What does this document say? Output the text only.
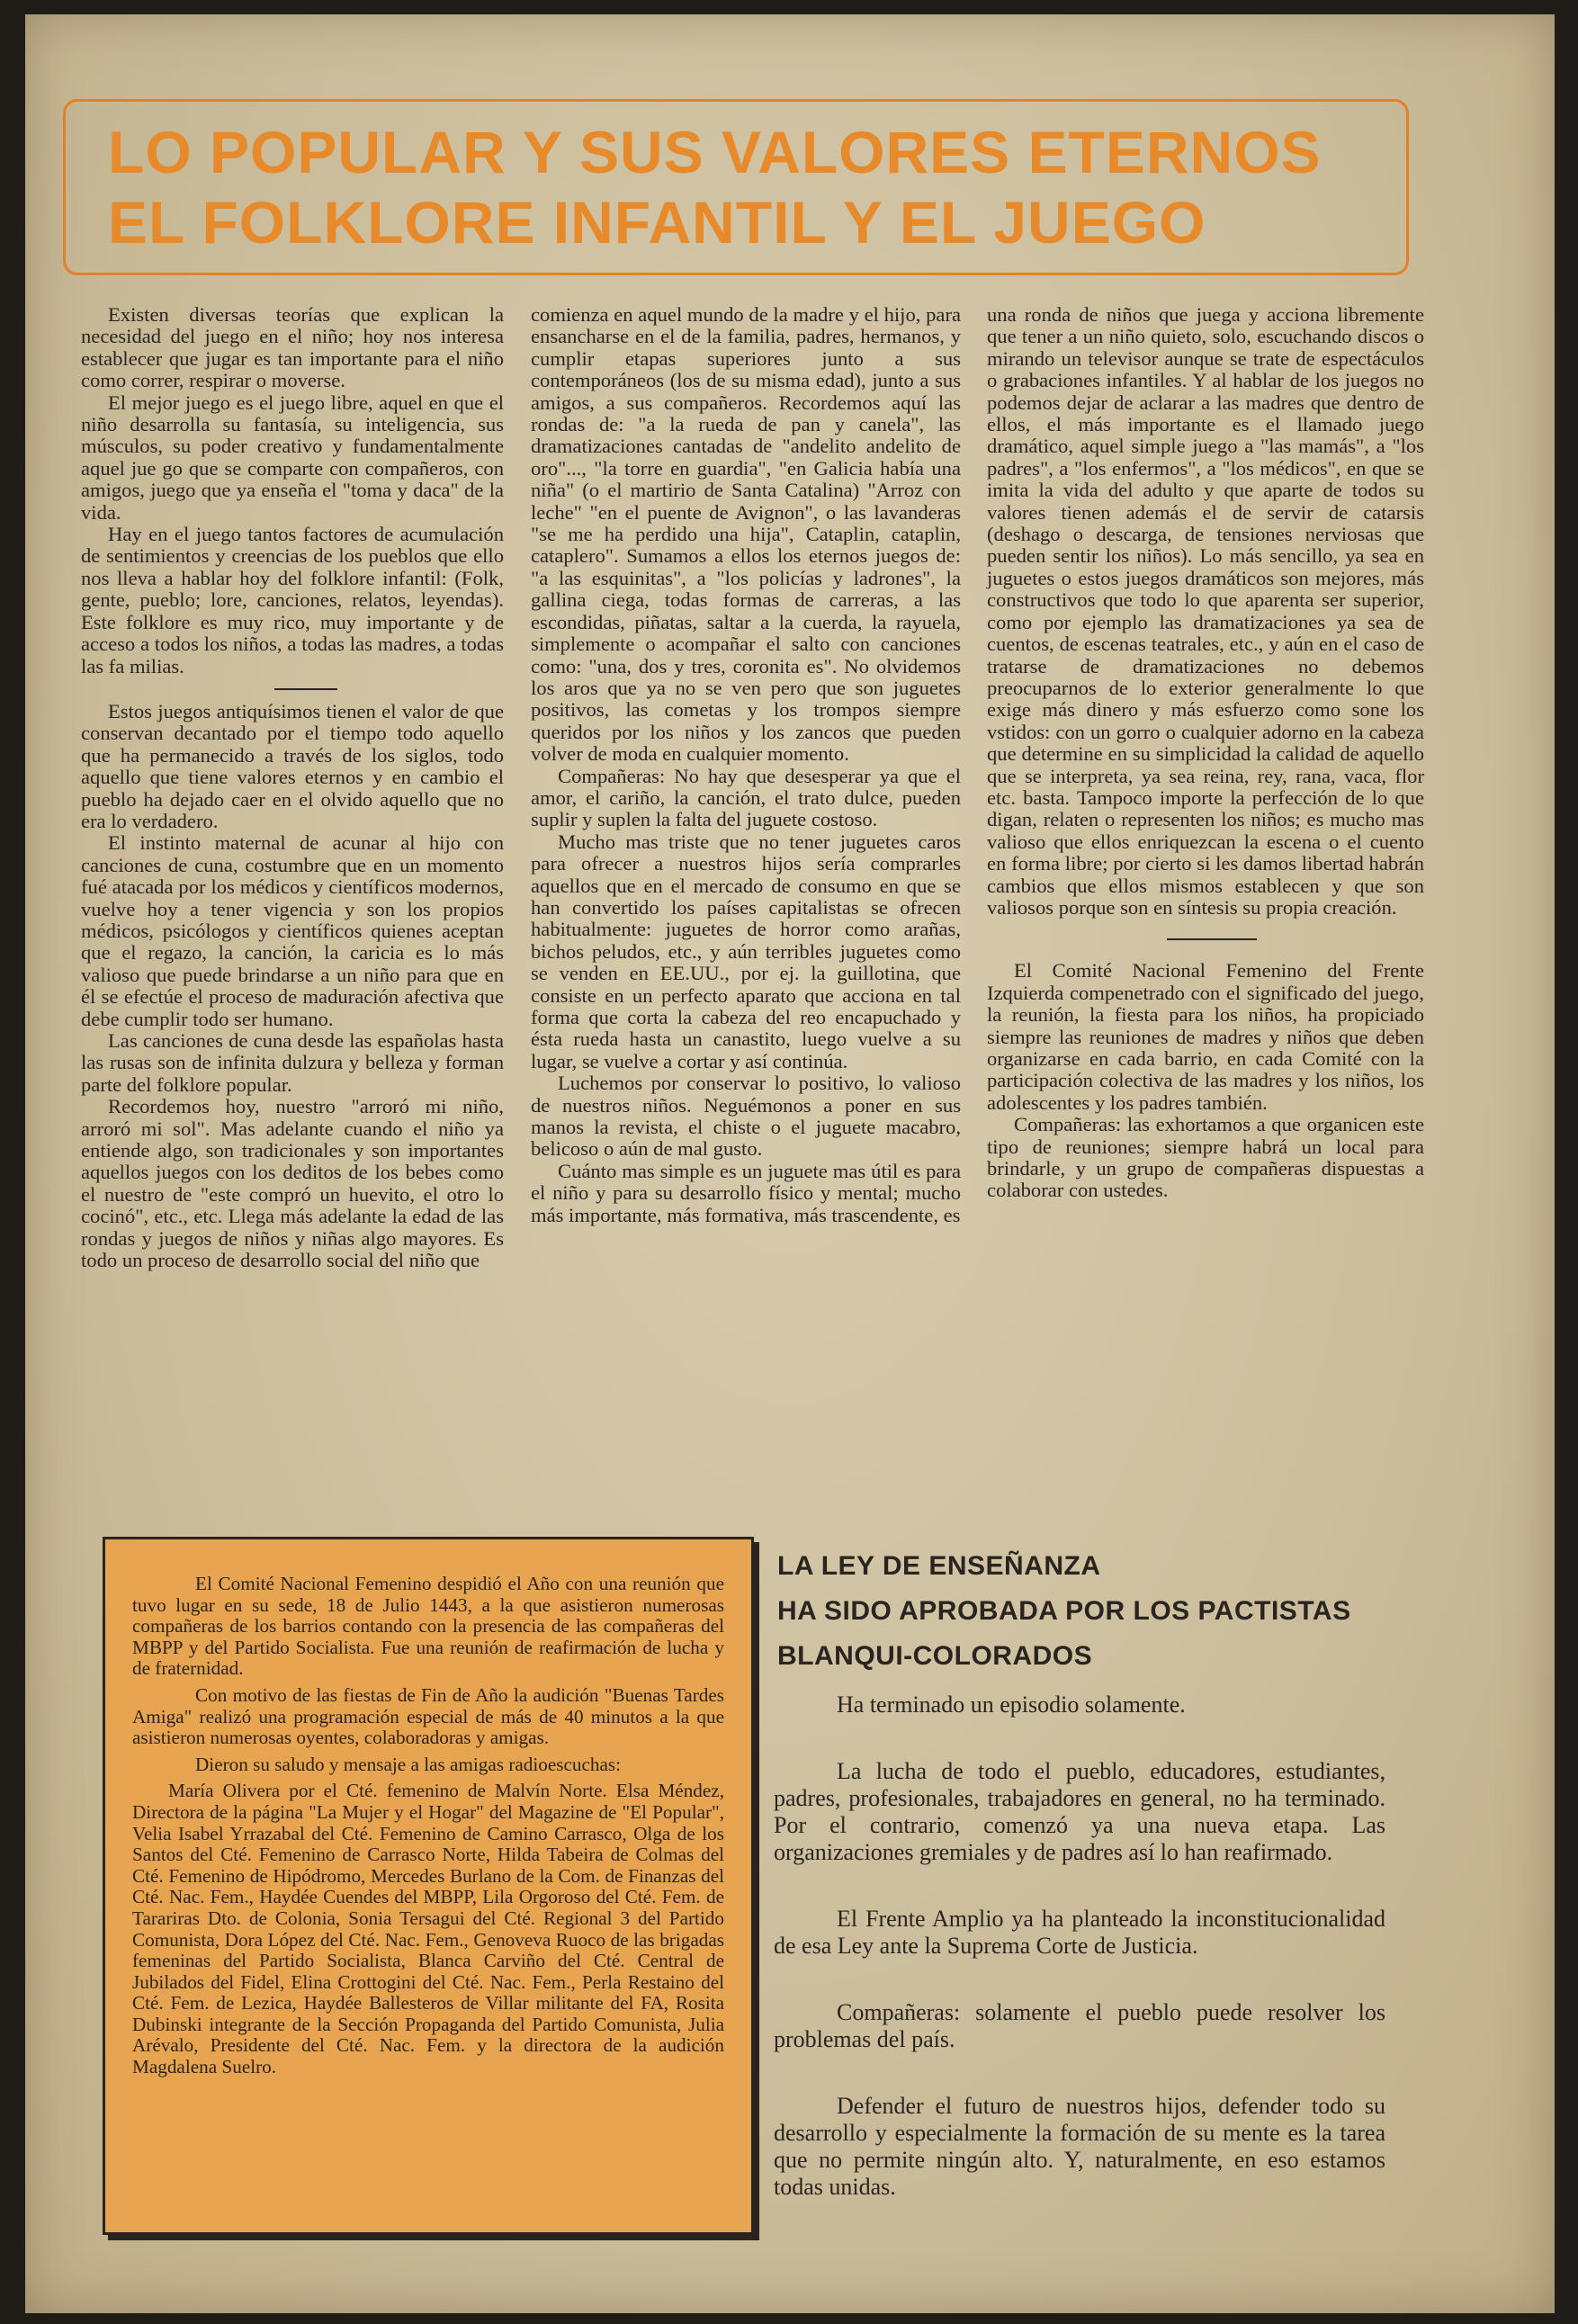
LO POPULAR Y SUS VALORES ETERNOS
EL FOLKLORE INFANTIL Y EL JUEGO

Existen diversas teorías que explican la necesidad del juego en el niño; hoy nos interesa establecer que jugar es tan importante para el niño como correr, respirar o moverse.

El mejor juego es el juego libre, aquel en que el niño desarrolla su fantasía, su inteligencia, sus músculos, su poder creativo y fundamentalmente aquel jue go que se comparte con compañeros, con amigos, juego que ya enseña el "toma y daca" de la vida.

Hay en el juego tantos factores de acumulación de sentimientos y creencias de los pueblos que ello nos lleva a hablar hoy del folklore infantil: (Folk, gente, pueblo; lore, canciones, relatos, leyendas). Este folklore es muy rico, muy importante y de acceso a todos los niños, a todas las madres, a todas las fa milias.

Estos juegos antiquísimos tienen el valor de que conservan decantado por el tiempo todo aquello que ha permanecido a través de los siglos, todo aquello que tiene valores eternos y en cambio el pueblo ha dejado caer en el olvido aquello que no era lo verdadero.

El instinto maternal de acunar al hijo con canciones de cuna, costumbre que en un momento fué atacada por los médicos y científicos modernos, vuelve hoy a tener vigencia y son los propios médicos, psicólogos y científicos quienes aceptan que el regazo, la canción, la caricia es lo más valioso que puede brindarse a un niño para que en él se efectúe el proceso de maduración afectiva que debe cumplir todo ser humano.

Las canciones de cuna desde las españolas hasta las rusas son de infinita dulzura y belleza y forman parte del folklore popular.

Recordemos hoy, nuestro "arroró mi niño, arroró mi sol". Mas adelante cuando el niño ya entiende algo, son tradicionales y son importantes aquellos juegos con los deditos de los bebes como el nuestro de "este compró un huevito, el otro lo cocinó", etc., etc. Llega más adelante la edad de las rondas y juegos de niños y niñas algo mayores. Es todo un proceso de desarrollo social del niño que

comienza en aquel mundo de la madre y el hijo, para ensancharse en el de la familia, padres, hermanos, y cumplir etapas superiores junto a sus contemporáneos (los de su misma edad), junto a sus amigos, a sus compañeros. Recordemos aquí las rondas de: "a la rueda de pan y canela", las dramatizaciones cantadas de "andelito andelito de oro"..., "la torre en guardia", "en Galicia había una niña" (o el martirio de Santa Catalina) "Arroz con leche" "en el puente de Avignon", o las lavanderas "se me ha perdido una hija", Cataplin, cataplin, cataplero". Sumamos a ellos los eternos juegos de: "a las esquinitas", a "los policías y ladrones", la gallina ciega, todas formas de carreras, a las escondidas, piñatas, saltar a la cuerda, la rayuela, simplemente o acompañar el salto con canciones como: "una, dos y tres, coronita es". No olvidemos los aros que ya no se ven pero que son juguetes positivos, las cometas y los trompos siempre queridos por los niños y los zancos que pueden volver de moda en cualquier momento.

Compañeras: No hay que desesperar ya que el amor, el cariño, la canción, el trato dulce, pueden suplir y suplen la falta del juguete costoso.

Mucho mas triste que no tener juguetes caros para ofrecer a nuestros hijos sería comprarles aquellos que en el mercado de consumo en que se han convertido los países capitalistas se ofrecen habitualmente: juguetes de horror como arañas, bichos peludos, etc., y aún terribles juguetes como se venden en EE.UU., por ej. la guillotina, que consiste en un perfecto aparato que acciona en tal forma que corta la cabeza del reo encapuchado y ésta rueda hasta un canastito, luego vuelve a su lugar, se vuelve a cortar y así continúa.

Luchemos por conservar lo positivo, lo valioso de nuestros niños. Neguémonos a poner en sus manos la revista, el chiste o el juguete macabro, belicoso o aún de mal gusto.

Cuánto mas simple es un juguete mas útil es para el niño y para su desarrollo físico y mental; mucho más importante, más formativa, más trascendente, es

una ronda de niños que juega y acciona libremente que tener a un niño quieto, solo, escuchando discos o mirando un televisor aunque se trate de espectáculos o grabaciones infantiles. Y al hablar de los juegos no podemos dejar de aclarar a las madres que dentro de ellos, el más importante es el llamado juego dramático, aquel simple juego a "las mamás", a "los padres", a "los enfermos", a "los médicos", en que se imita la vida del adulto y que aparte de todos su valores tienen además el de servir de catarsis (deshago o descarga, de tensiones nerviosas que pueden sentir los niños). Lo más sencillo, ya sea en juguetes o estos juegos dramáticos son mejores, más constructivos que todo lo que aparenta ser superior, como por ejemplo las dramatizaciones ya sea de cuentos, de escenas teatrales, etc., y aún en el caso de tratarse de dramatizaciones no debemos preocuparnos de lo exterior generalmente lo que exige más dinero y más esfuerzo como sone los vstidos: con un gorro o cualquier adorno en la cabeza que determine en su simplicidad la calidad de aquello que se interpreta, ya sea reina, rey, rana, vaca, flor etc. basta. Tampoco importe la perfección de lo que digan, relaten o representen los niños; es mucho mas valioso que ellos enriquezcan la escena o el cuento en forma libre; por cierto si les damos libertad habrán cambios que ellos mismos establecen y que son valiosos porque son en síntesis su propia creación.

El Comité Nacional Femenino del Frente Izquierda compenetrado con el significado del juego, la reunión, la fiesta para los niños, ha propiciado siempre las reuniones de madres y niños que deben organizarse en cada barrio, en cada Comité con la participación colectiva de las madres y los niños, los adolescentes y los padres también.

Compañeras: las exhortamos a que organicen este tipo de reuniones; siempre habrá un local para brindarle, y un grupo de compañeras dispuestas a colaborar con ustedes.

El Comité Nacional Femenino despidió el Año con una reunión que tuvo lugar en su sede, 18 de Julio 1443, a la que asistieron numerosas compañeras de los barrios contando con la presencia de las compañeras del MBPP y del Partido Socialista. Fue una reunión de reafirmación de lucha y de fraternidad.

Con motivo de las fiestas de Fin de Año la audición "Buenas Tardes Amiga" realizó una programación especial de más de 40 minutos a la que asistieron numerosas oyentes, colaboradoras y amigas.

Dieron su saludo y mensaje a las amigas radioescuchas:

María Olivera por el Cté. femenino de Malvín Norte. Elsa Méndez, Directora de la página "La Mujer y el Hogar" del Magazine de "El Popular", Velia Isabel Yrrazabal del Cté. Femenino de Camino Carrasco, Olga de los Santos del Cté. Femenino de Carrasco Norte, Hilda Tabeira de Colmas del Cté. Femenino de Hipódromo, Mercedes Burlano de la Com. de Finanzas del Cté. Nac. Fem., Haydée Cuendes del MBPP, Lila Orgoroso del Cté. Fem. de Tarariras Dto. de Colonia, Sonia Tersagui del Cté. Regional 3 del Partido Comunista, Dora López del Cté. Nac. Fem., Genoveva Ruoco de las brigadas femeninas del Partido Socialista, Blanca Carviño del Cté. Central de Jubilados del Fidel, Elina Crottogini del Cté. Nac. Fem., Perla Restaino del Cté. Fem. de Lezica, Haydée Ballesteros de Villar militante del FA, Rosita Dubinski integrante de la Sección Propaganda del Partido Comunista, Julia Arévalo, Presidente del Cté. Nac. Fem. y la directora de la audición Magdalena Suelro.

LA LEY DE ENSEÑANZA
HA SIDO APROBADA POR LOS PACTISTAS
BLANQUI-COLORADOS

Ha terminado un episodio solamente.

La lucha de todo el pueblo, educadores, estudiantes, padres, profesionales, trabajadores en general, no ha terminado. Por el contrario, comenzó ya una nueva etapa. Las organizaciones gremiales y de padres así lo han reafirmado.

El Frente Amplio ya ha planteado la inconstitucionalidad de esa Ley ante la Suprema Corte de Justicia.

Compañeras: solamente el pueblo puede resolver los problemas del país.

Defender el futuro de nuestros hijos, defender todo su desarrollo y especialmente la formación de su mente es la tarea que no permite ningún alto. Y, naturalmente, en eso estamos todas unidas.
